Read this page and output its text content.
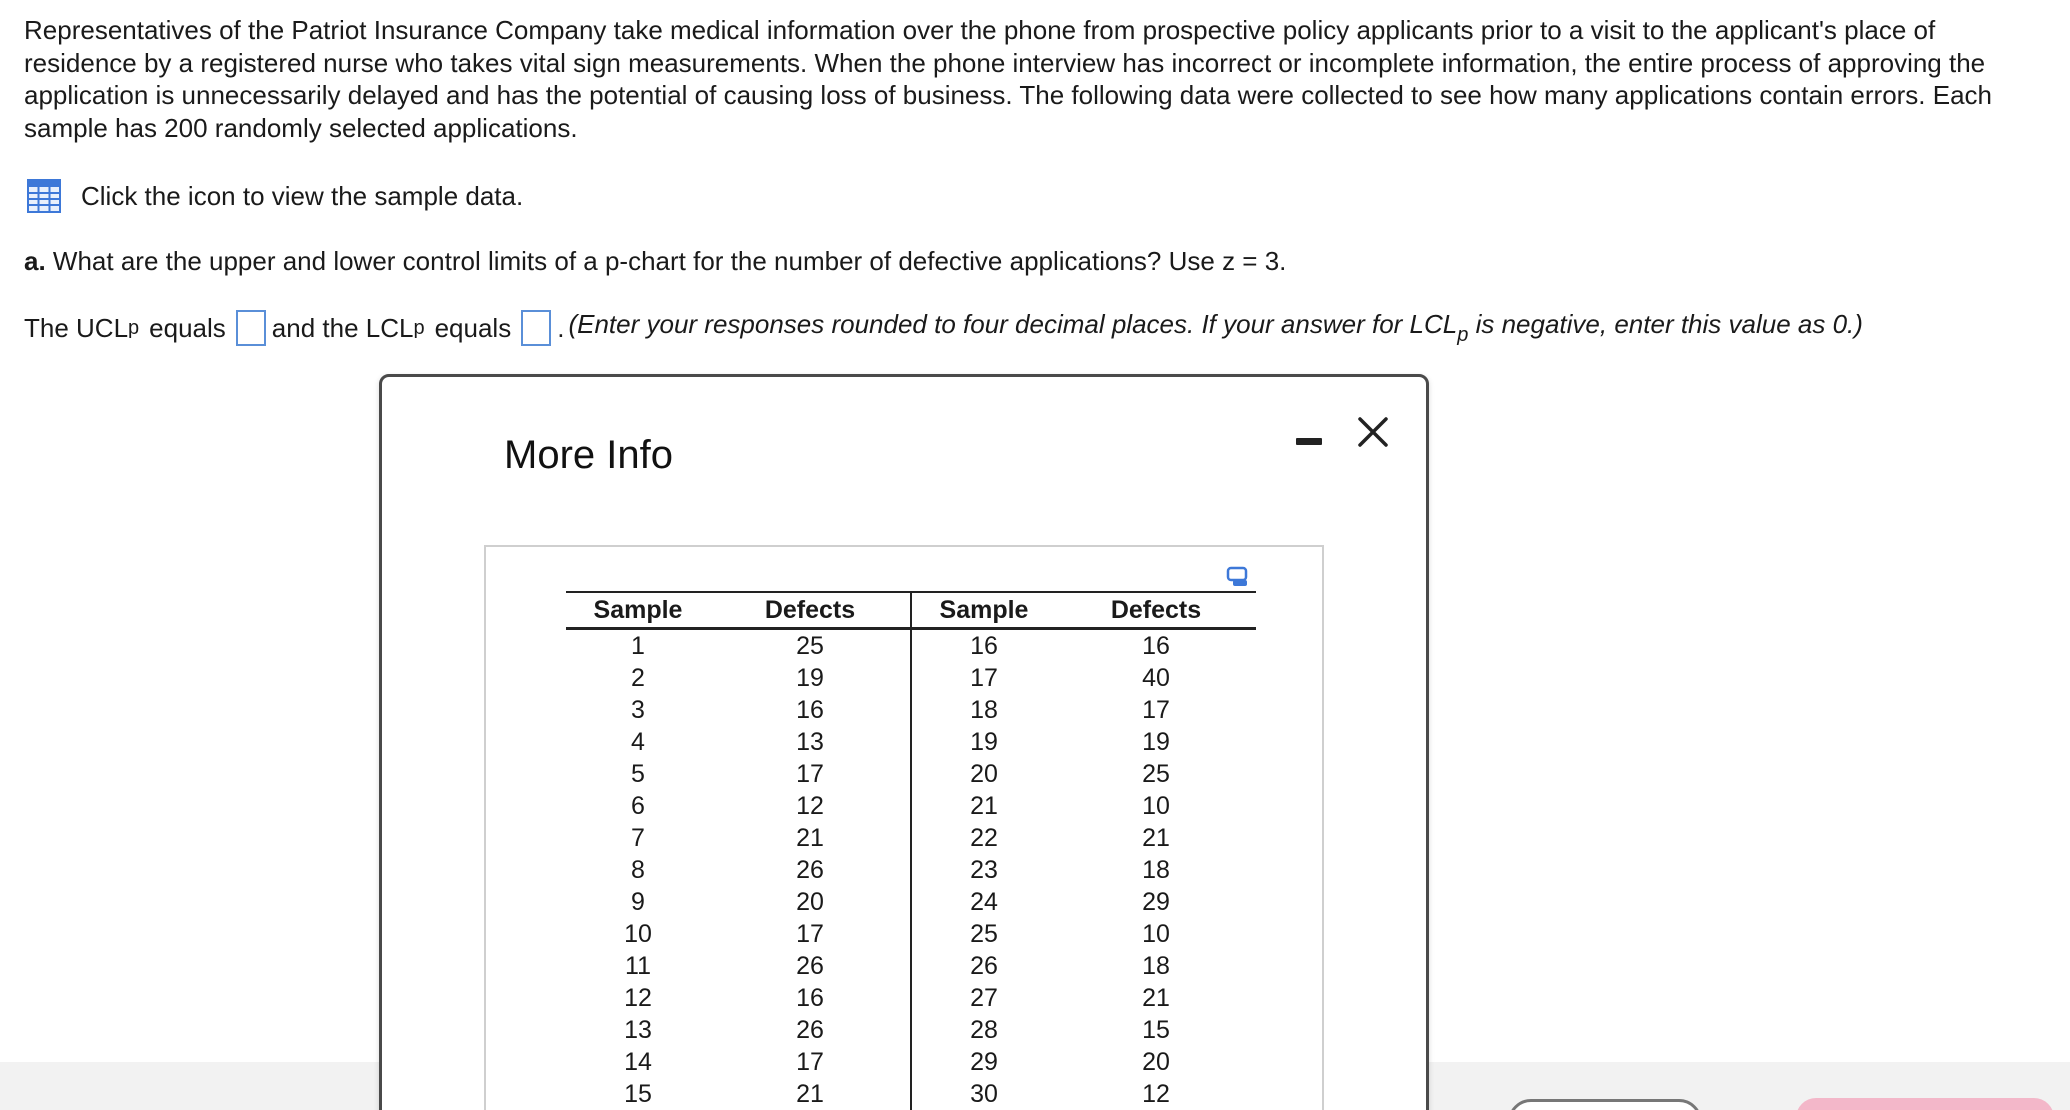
Representatives of the Patriot Insurance Company take medical information over the phone from prospective policy applicants prior to a visit to the applicant's place of residence by a registered nurse who takes vital sign measurements. When the phone interview has incorrect or incomplete information, the entire process of approving the application is unnecessarily delayed and has the potential of causing loss of business. The following data were collected to see how many applications contain errors. Each sample has 200 randomly selected applications.

Click the icon to view the sample data.

a. What are the upper and lower control limits of a p-chart for the number of defective applications? Use z = 3.

The UCL p equals and the LCL p equals . (Enter your responses rounded to four decimal places. If your answer for $LCL_p$ is negative, enter this value as 0.)
More Info
Sample	Defects	Sample	Defects
1	25	16	16
2	19	17	40
3	16	18	17
4	13	19	19
5	17	20	25
6	12	21	10
7	21	22	21
8	26	23	18
9	20	24	29
10	17	25	10
11	26	26	18
12	16	27	21
13	26	28	15
14	17	29	20
15	21	30	12
